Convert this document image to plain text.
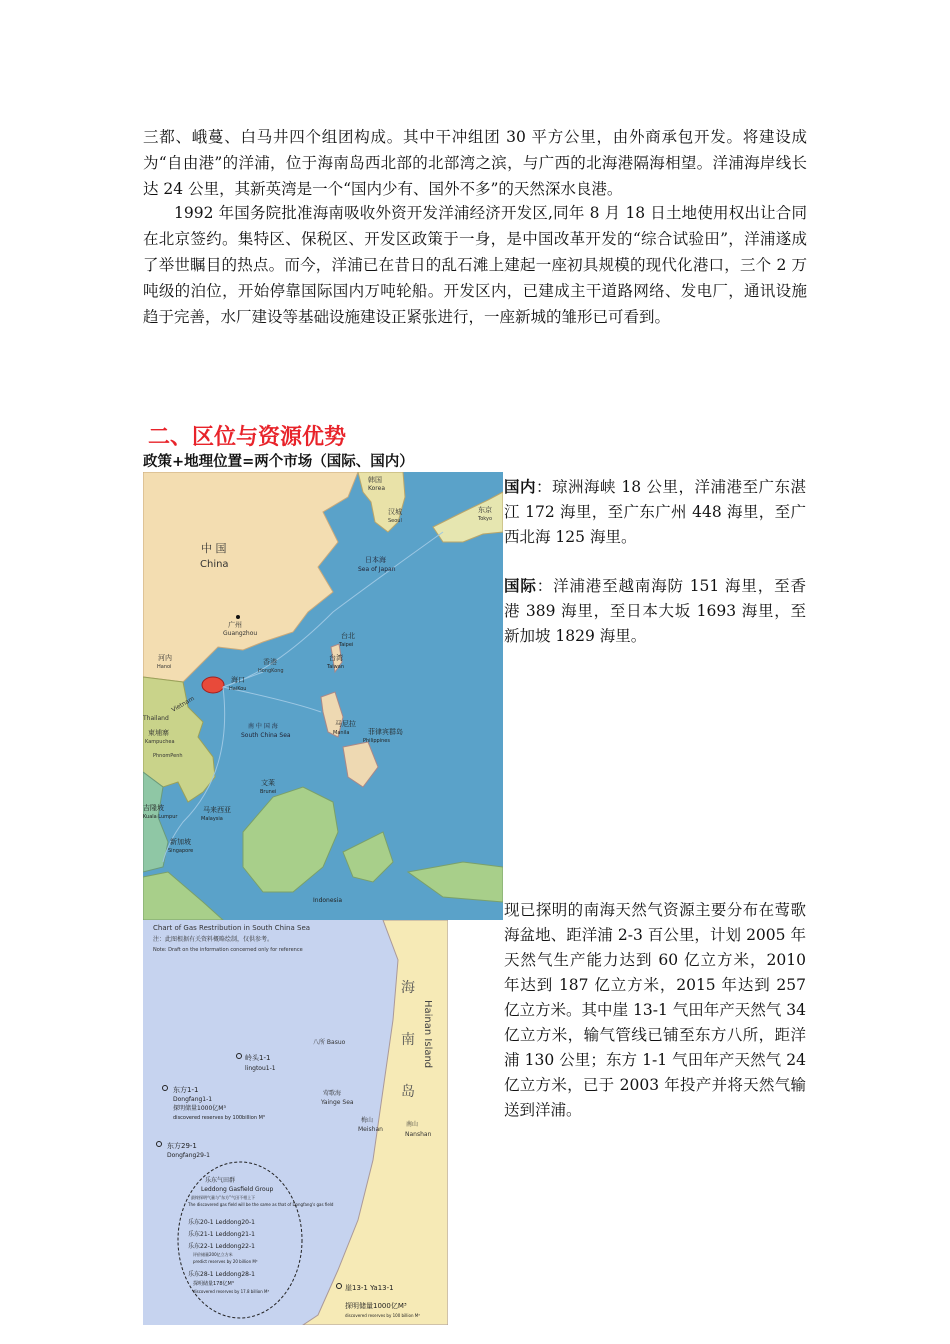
三都、峨蔓、白马井四个组团构成。其中干冲组团 30 平方公里，由外商承包开发。将建设成为“自由港”的洋浦，位于海南岛西北部的北部湾之滨，与广西的北海港隔海相望。洋浦海岸线长达 24 公里，其新英湾是一个“国内少有、国外不多”的天然深水良港。

1992 年国务院批准海南吸收外资开发洋浦经济开发区,同年 8 月 18 日土地使用权出让合同在北京签约。集特区、保税区、开发区政策于一身，是中国改革开发的“综合试验田”，洋浦遂成了举世瞩目的热点。而今，洋浦已在昔日的乱石滩上建起一座初具规模的现代化港口，三个 2 万吨级的泊位，开始停靠国际国内万吨轮船。开发区内，已建成主干道路网络、发电厂，通讯设施趋于完善，水厂建设等基础设施建设正紧张进行，一座新城的雏形已可看到。

二、区位与资源优势

政策+地理位置=两个市场（国际、国内）

中 国
China
韩国
Korea
汉城
Seoul
东京
Tokyo
日本海
Sea of Japan
广州
Guangzhou
香港
HongKong
台北
Taipei
台湾
Taiwan
河内
Hanoi
海口
HaiKou
南 中 国 海
South China Sea
马尼拉
Manila	菲律宾群岛
Philippines
Vietnam
Thailand
柬埔寨
Kampuchea
PhnomPenh
文莱
Brunei
马来西亚
Malaysia
吉隆坡
Kuala Lumpur
新加坡
Singapore
Indonesia
Chart of Gas Restribution in South China Sea
注：此图根据有关资料概略绘制，仅供参考。
Note: Draft on the information concerned only for reference
海
南
岛
Hainan Island
八所 Basuo
岭头1-1
lingtou1-1
莺歌海
Yainge Sea
梅山
Meishan
南山
Nanshan
东方1-1
Dongfang1-1
探明储量1000亿M³
discovered reserves by 100billion M³
东方29-1
Dongfang29-1
乐东气田群
Leddong Gasfield Group
最终探明气量与“东方”气田不相上下
The discovered gas field will be the same as that of Dongfang's gas field
乐东20-1 Leddong20-1
乐东21-1 Leddong21-1
乐东22-1 Leddong22-1
评价储量200亿立方米
predict reserves by 20 billion M³
乐东28-1 Leddong28-1
探明储量178亿M³
discovered reserves by 17.8 billion M³	崖13-1 Ya13-1
探明储量1000亿M³
discovered reserves by 100 billion M³

国内：琼洲海峡 18 公里，洋浦港至广东湛江 172 海里，至广东广州 448 海里，至广西北海 125 海里。

国际：洋浦港至越南海防 151 海里，至香港 389 海里，至日本大坂 1693 海里，至新加坡 1829 海里。

现已探明的南海天然气资源主要分布在莺歌海盆地、距洋浦 2-3 百公里，计划 2005 年天然气生产能力达到 60 亿立方米，2010 年达到 187 亿立方米，2015 年达到 257 亿立方米。其中崖 13-1 气田年产天然气 34 亿立方米，输气管线已铺至东方八所，距洋浦 130 公里；东方 1-1 气田年产天然气 24 亿立方米，已于 2003 年投产并将天然气输送到洋浦。
